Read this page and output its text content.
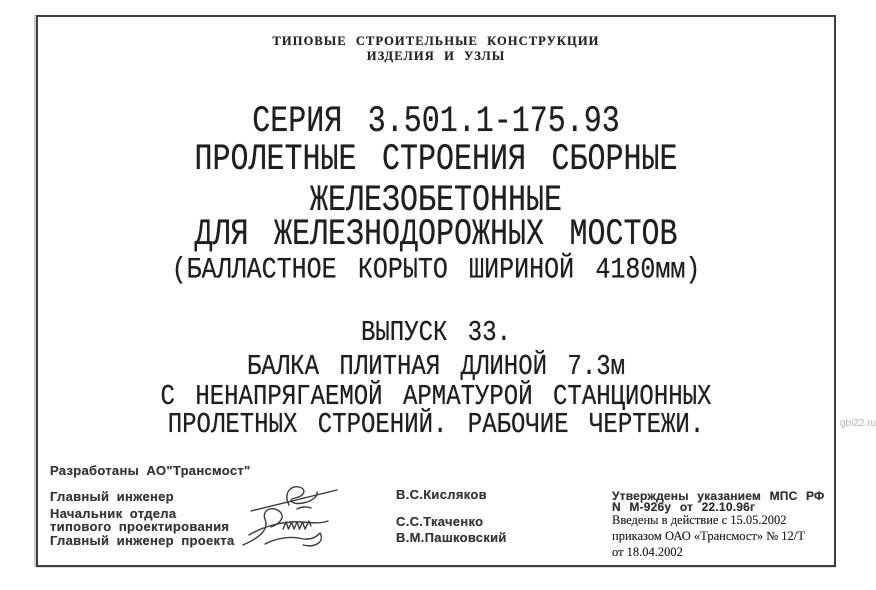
ТИПОВЫЕ СТРОИТЕЛЬНЫЕ КОНСТРУКЦИИ
ИЗДЕЛИЯ И УЗЛЫ
СЕРИЯ 3.501.1-175.93
ПРОЛЕТНЫЕ СТРОЕНИЯ СБОРНЫЕ
ЖЕЛЕЗОБЕТОННЫЕ
ДЛЯ ЖЕЛЕЗНОДОРОЖНЫХ МОСТОВ
(БАЛЛАСТНОЕ КОРЫТО ШИРИНОЙ 4180мм)
ВЫПУСК 33.
БАЛКА ПЛИТНАЯ ДЛИНОЙ 7.3м
С НЕНАПРЯГАЕМОЙ АРМАТУРОЙ СТАНЦИОННЫХ
ПРОЛЕТНЫХ СТРОЕНИЙ. РАБОЧИЕ ЧЕРТЕЖИ.
Разработаны АО"Трансмост"
Главный инженер
Начальник отдела
типового проектирования
Главный инженер проекта
В.С.Кисляков
С.С.Ткаченко
В.М.Пашковский
Утверждены указанием МПС РФ
N М-926у от 22.10.96г
Введены в действие с 15.05.2002
приказом ОАО «Трансмост» № 12/Т
от 18.04.2002
gbi22.ru
